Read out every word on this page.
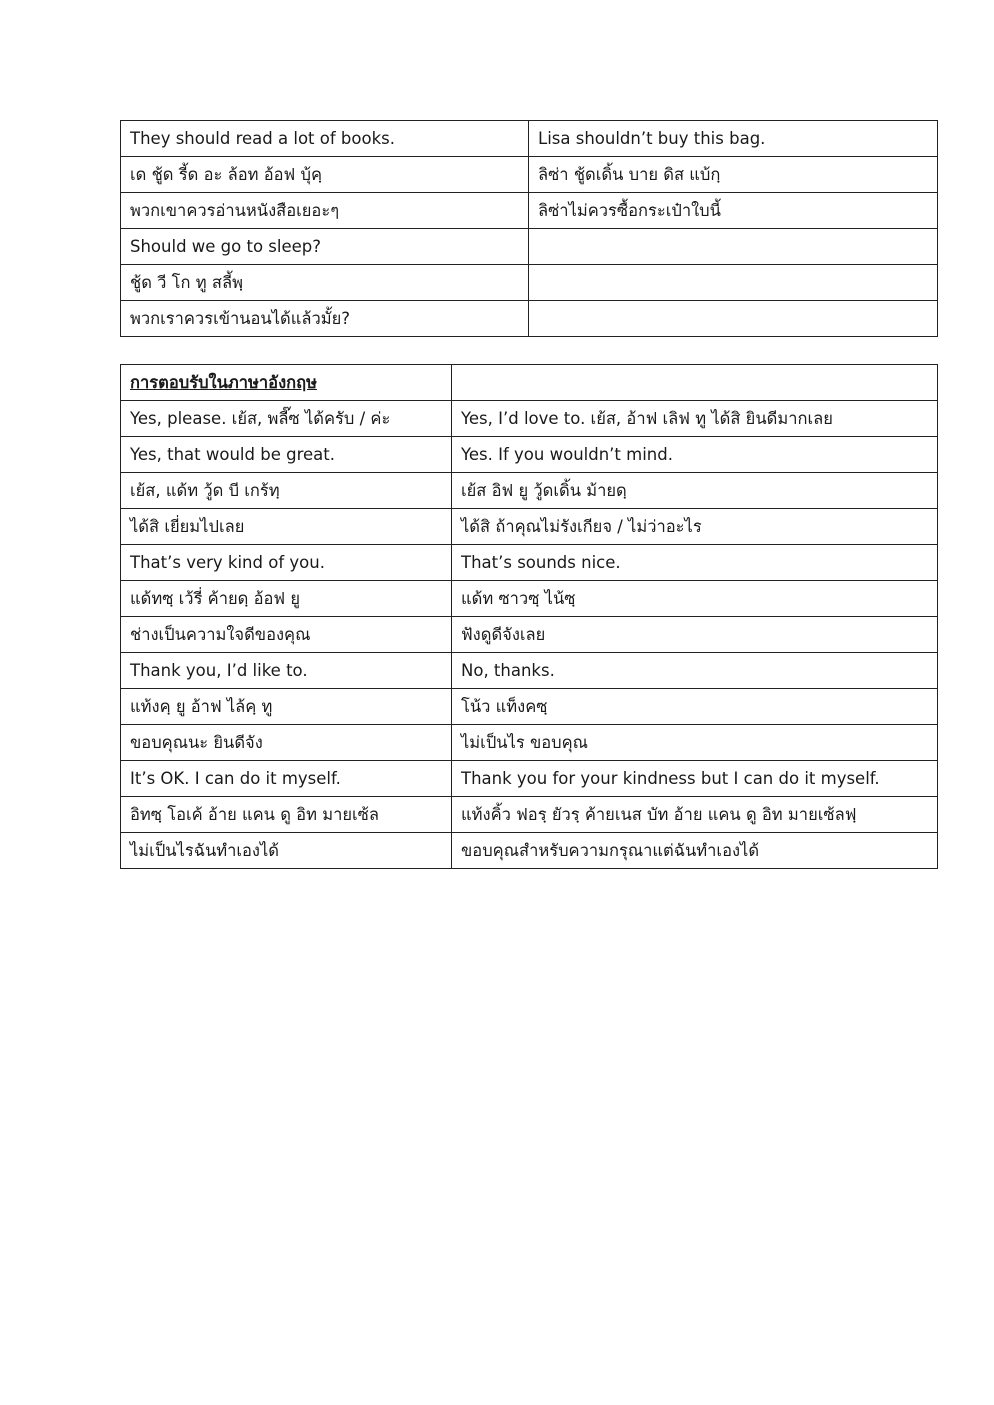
They should read a lot of books.	Lisa shouldn’t buy this bag.
เด ชู้ด รี้ด อะ ล้อท อ้อฟ บุ้คฺ	ลิซ่า ชู้ดเดิ้น บาย ดิส แบ้กฺ
พวกเขาควรอ่านหนังสือเยอะๆ	ลิซ่าไม่ควรซื้อกระเป๋าใบนี้
Should we go to sleep?	
ชู้ด วี โก ทู สลี้พฺ	
พวกเราควรเข้านอนได้แล้วมั้ย?	
การตอบรับในภาษาอังกฤษ	
Yes, please. เย้ส, พลี๊ซ ได้ครับ / ค่ะ	Yes, I’d love to. เย้ส, อ้าฟ เลิฟ ทู ได้สิ ยินดีมากเลย
Yes, that would be great.	Yes. If you wouldn’t mind.
เย้ส, แด้ท วู้ด บี เกร้ทฺ	เย้ส อิฟ ยู วู้ดเดิ้น ม้ายดฺ
ได้สิ เยี่ยมไปเลย	ได้สิ ถ้าคุณไม่รังเกียจ / ไม่ว่าอะไร
That’s very kind of you.	That’s sounds nice.
แด้ทซฺ เว้รี่ ค้ายดฺ อ้อฟ ยู	แด้ท ซาวซฺ ไน้ซฺ
ช่างเป็นความใจดีของคุณ	ฟังดูดีจังเลย
Thank you, I’d like to.	No, thanks.
แท้งคฺ ยู อ้าฟ ไล้คฺ ทู	โน้ว แท็งคซฺ
ขอบคุณนะ ยินดีจัง	ไม่เป็นไร ขอบคุณ
It’s OK. I can do it myself.	Thank you for your kindness but I can do it myself.
อิทซฺ โอเค้ อ้าย แคน ดู อิท มายเซ้ล	แท้งคิ้ว ฟอรฺ ยัวรฺ ค้ายเนส บัท อ้าย แคน ดู อิท มายเซ้ลฟฺ
ไม่เป็นไรฉันทำเองได้	ขอบคุณสำหรับความกรุณาแต่ฉันทำเองได้
